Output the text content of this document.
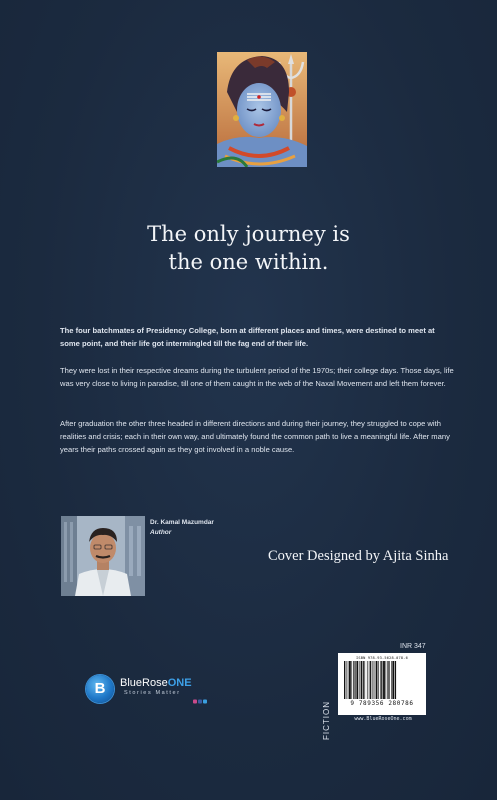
The only journey is
the one within.

The four batchmates of Presidency College, born at different places and times, were destined to meet at some point, and their life got intermingled till the fag end of their life.

They were lost in their respective dreams during the turbulent period of the 1970s; their college days. Those days, life was very close to living in paradise, till one of them caught in the web of the Naxal Movement and left them forever.

After graduation the other three headed in different directions and during their journey, they struggled to cope with realities and crisis; each in their own way, and ultimately found the common path to live a meaningful life. After many years their paths crossed again as they got involved in a noble cause.

Dr. Kamal Mazumdar
Author
Cover Designed by Ajita Sinha
INR 347
FICTION
ISBN 978-93-5628-078-6
9 789356 280786
www.BlueRoseOne.com
B	BlueRoseONE
Stories Matter
